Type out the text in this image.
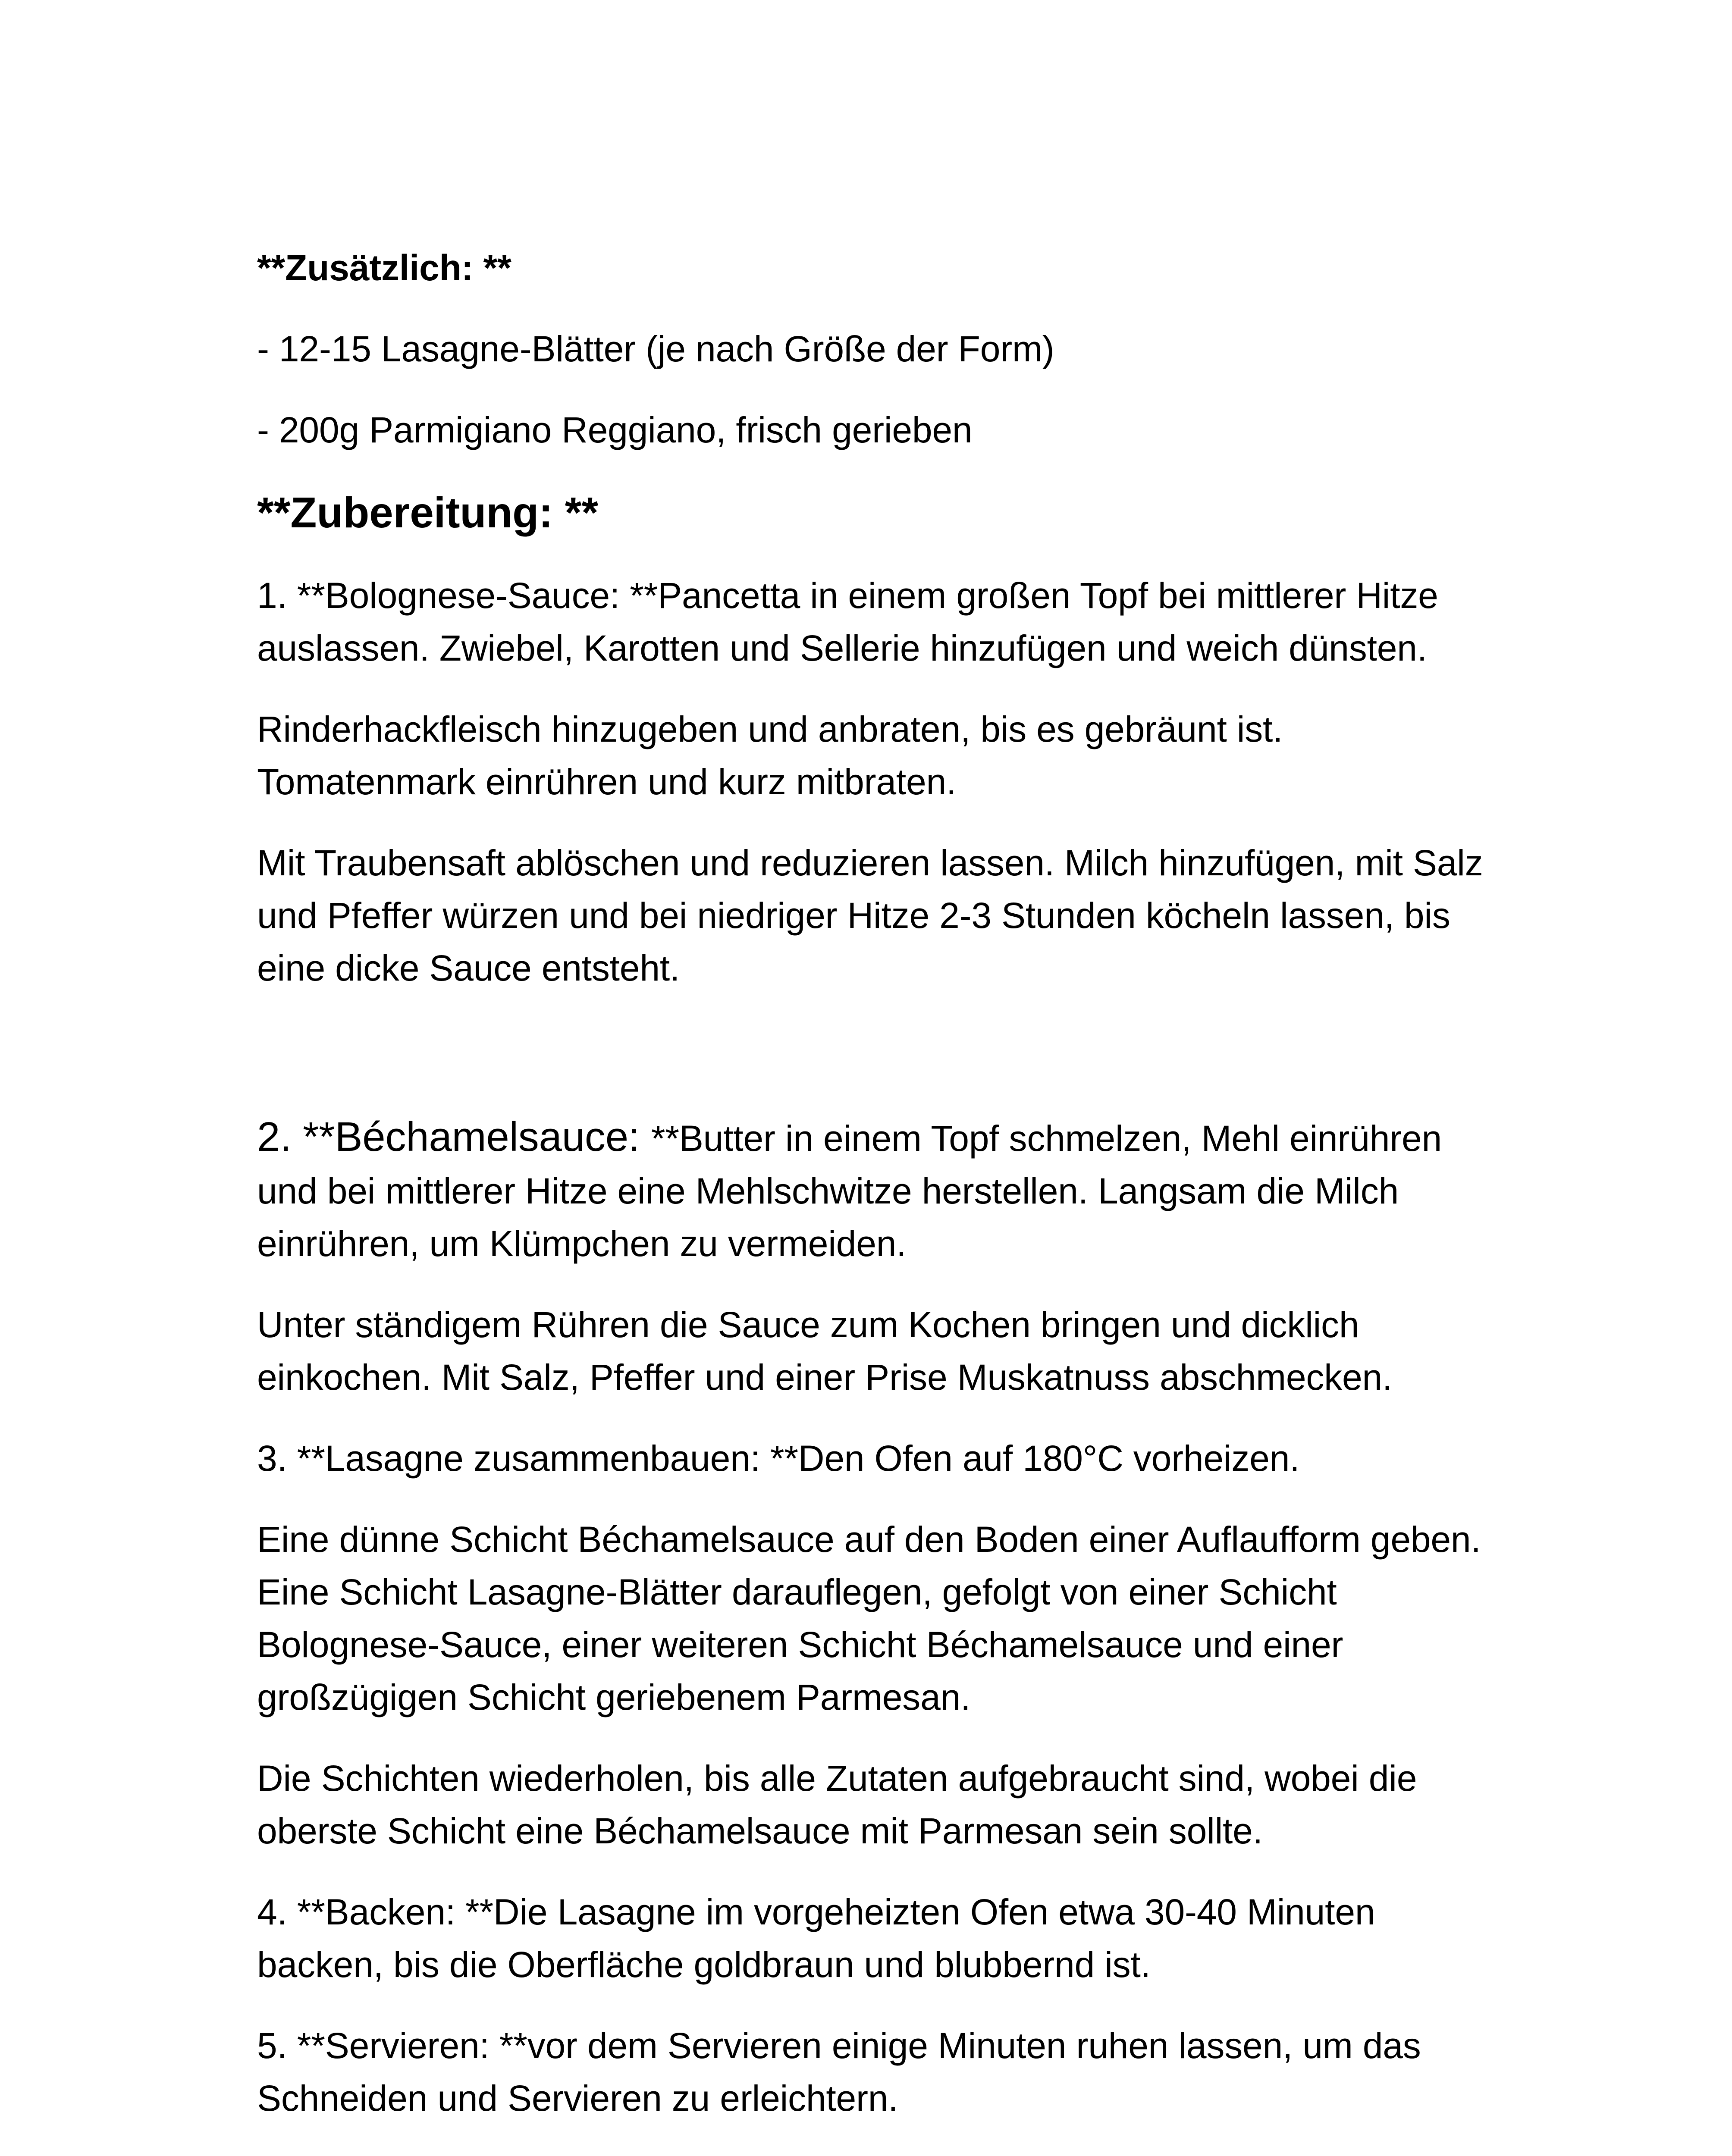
**Zusätzlich: **

- 12-15 Lasagne-Blätter (je nach Größe der Form)

- 200g Parmigiano Reggiano, frisch gerieben

**Zubereitung: **

1. **Bolognese-Sauce: **Pancetta in einem großen Topf bei mittlerer Hitze auslassen. Zwiebel, Karotten und Sellerie hinzufügen und weich dünsten.

Rinderhackfleisch hinzugeben und anbraten, bis es gebräunt ist. Tomatenmark einrühren und kurz mitbraten.

Mit Traubensaft ablöschen und reduzieren lassen. Milch hinzufügen, mit Salz und Pfeffer würzen und bei niedriger Hitze 2-3 Stunden köcheln lassen, bis eine dicke Sauce entsteht.

2. **Béchamelsauce: **Butter in einem Topf schmelzen, Mehl einrühren und bei mittlerer Hitze eine Mehlschwitze herstellen. Langsam die Milch einrühren, um Klümpchen zu vermeiden.

Unter ständigem Rühren die Sauce zum Kochen bringen und dicklich einkochen. Mit Salz, Pfeffer und einer Prise Muskatnuss abschmecken.

3. **Lasagne zusammenbauen: **Den Ofen auf 180°C vorheizen.

Eine dünne Schicht Béchamelsauce auf den Boden einer Auflaufform geben. Eine Schicht Lasagne-Blätter darauflegen, gefolgt von einer Schicht Bolognese-Sauce, einer weiteren Schicht Béchamelsauce und einer großzügigen Schicht geriebenem Parmesan.

Die Schichten wiederholen, bis alle Zutaten aufgebraucht sind, wobei die oberste Schicht eine Béchamelsauce mit Parmesan sein sollte.

4. **Backen: **Die Lasagne im vorgeheizten Ofen etwa 30-40 Minuten backen, bis die Oberfläche goldbraun und blubbernd ist.

5. **Servieren: **vor dem Servieren einige Minuten ruhen lassen, um das Schneiden und Servieren zu erleichtern.
